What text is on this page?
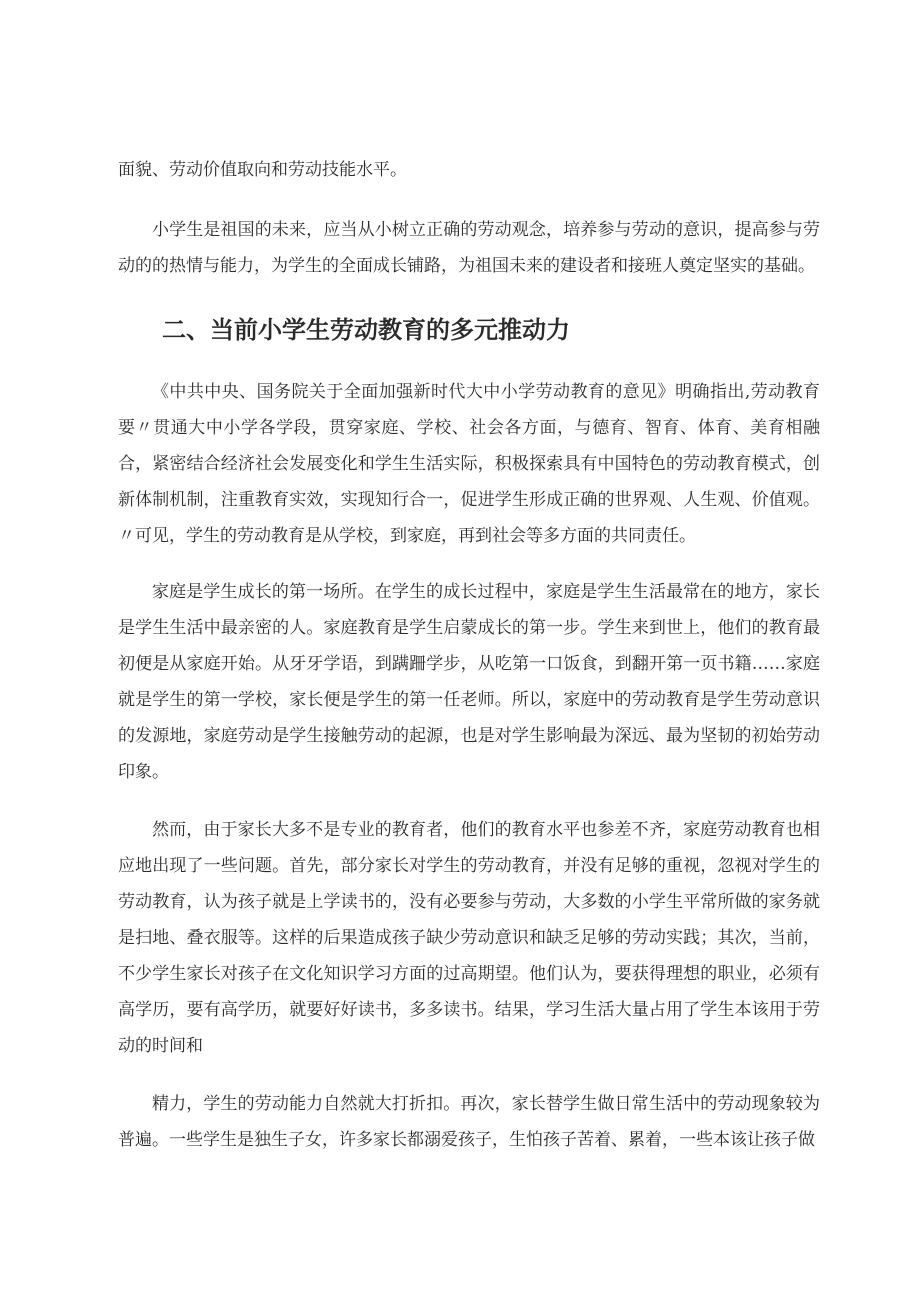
面貌、劳动价值取向和劳动技能水平。

小学生是祖国的未来，应当从小树立正确的劳动观念，培养参与劳动的意识，提高参与劳动的的热情与能力，为学生的全面成长铺路，为祖国未来的建设者和接班人奠定坚实的基础。

二、当前小学生劳动教育的多元推动力

《中共中央、国务院关于全面加强新时代大中小学劳动教育的意见》明确指出,劳动教育要〃贯通大中小学各学段，贯穿家庭、学校、社会各方面，与德育、智育、体育、美育相融合，紧密结合经济社会发展变化和学生生活实际，积极探索具有中国特色的劳动教育模式，创新体制机制，注重教育实效，实现知行合一，促进学生形成正确的世界观、人生观、价值观。〃可见，学生的劳动教育是从学校，到家庭，再到社会等多方面的共同责任。

家庭是学生成长的第一场所。在学生的成长过程中，家庭是学生生活最常在的地方，家长是学生生活中最亲密的人。家庭教育是学生启蒙成长的第一步。学生来到世上，他们的教育最初便是从家庭开始。从牙牙学语，到蹒跚学步，从吃第一口饭食，到翻开第一页书籍……家庭就是学生的第一学校，家长便是学生的第一任老师。所以，家庭中的劳动教育是学生劳动意识的发源地，家庭劳动是学生接触劳动的起源，也是对学生影响最为深远、最为坚韧的初始劳动印象。

然而，由于家长大多不是专业的教育者，他们的教育水平也参差不齐，家庭劳动教育也相应地出现了一些问题。首先，部分家长对学生的劳动教育，并没有足够的重视，忽视对学生的劳动教育，认为孩子就是上学读书的，没有必要参与劳动，大多数的小学生平常所做的家务就是扫地、叠衣服等。这样的后果造成孩子缺少劳动意识和缺乏足够的劳动实践；其次，当前，不少学生家长对孩子在文化知识学习方面的过高期望。他们认为，要获得理想的职业，必须有高学历，要有高学历，就要好好读书，多多读书。结果，学习生活大量占用了学生本该用于劳动的时间和

精力，学生的劳动能力自然就大打折扣。再次，家长替学生做日常生活中的劳动现象较为普遍。一些学生是独生子女，许多家长都溺爱孩子，生怕孩子苦着、累着，一些本该让孩子做
